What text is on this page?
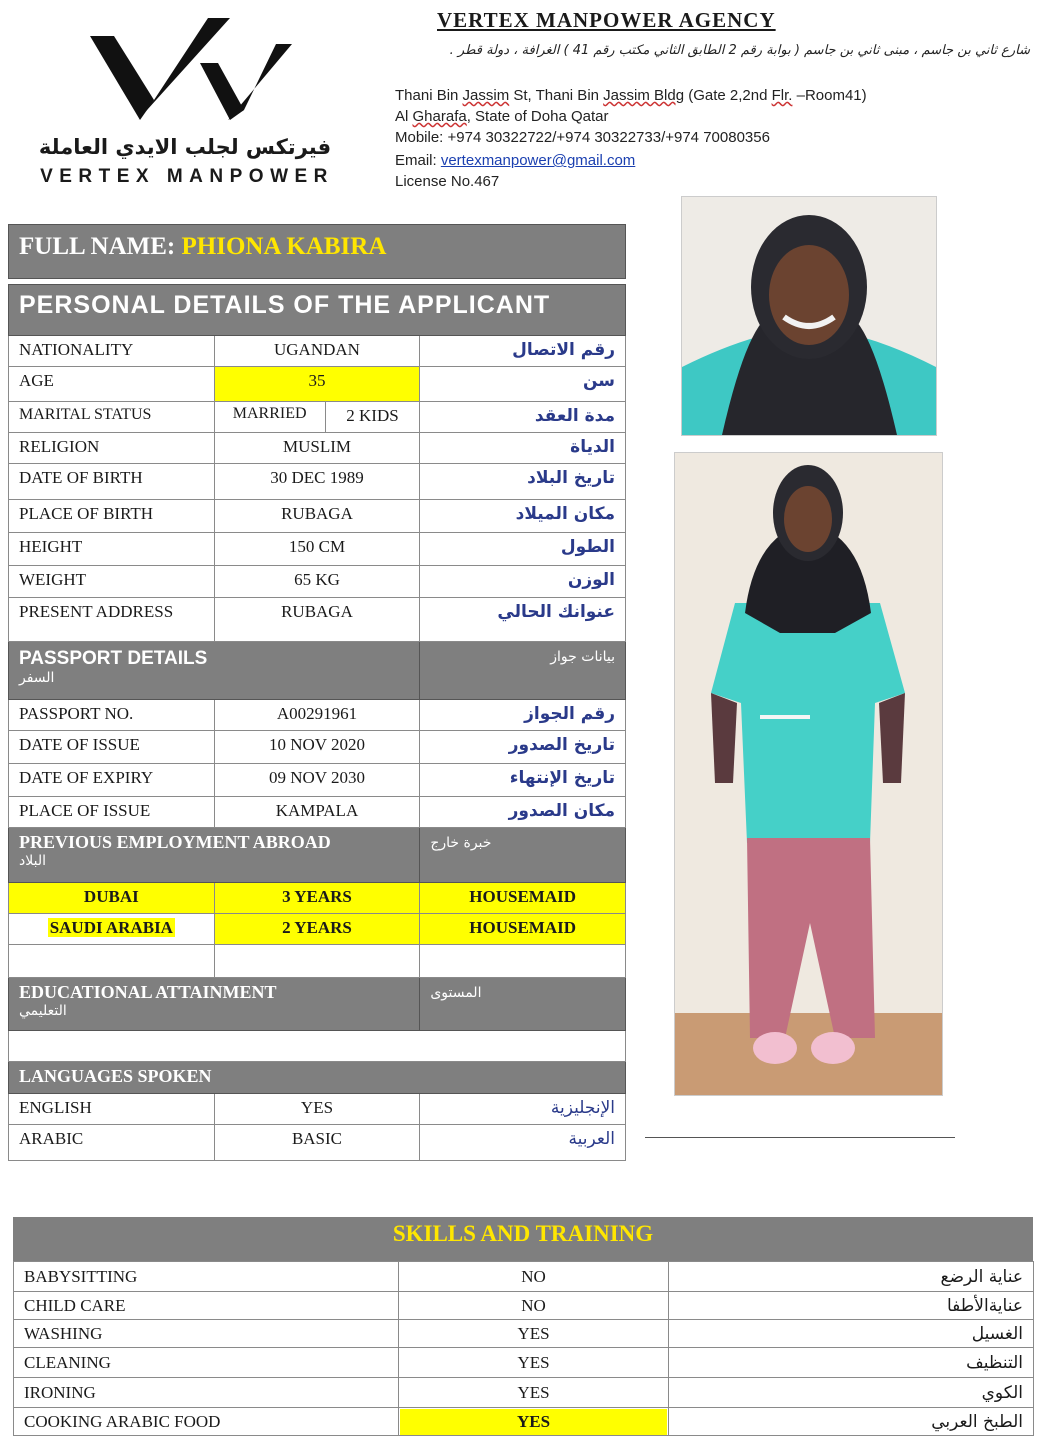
فيرتكس لجلب الايدي العاملة
VERTEX MANPOWER
VERTEX MANPOWER AGENCY
شارع ثاني بن جاسم ، مبنى ثاني بن جاسم ( بوابة رقم 2 الطابق الثاني مكتب رقم 41 ) الغرافة ، دولة قطر .
Thani Bin Jassim St, Thani Bin Jassim Bldg (Gate 2,2nd Flr. –Room41)
Al Gharafa, State of Doha Qatar
Mobile: +974 30322722/+974 30322733/+974 70080356
Email: vertexmanpower@gmail.com
License No.467
FULL NAME: PHIONA KABIRA
PERSONAL DETAILS OF THE APPLICANT		
NATIONALITY	UGANDAN	رقم الاتصال
AGE	35	سن
MARITAL STATUS	MARRIED 2 KIDS	مدة العقد
RELIGION	MUSLIM	الدياة
DATE OF BIRTH	30 DEC 1989	تاريخ البلاد
PLACE OF BIRTH	RUBAGA	مكان الميلاد
HEIGHT	150 CM	الطول
WEIGHT	65 KG	الوزن
PRESENT ADDRESS	RUBAGA	عنوانك الحالي

PASSPORT DETAILS
السفر		بيانات جواز
PASSPORT NO.	A00291961	رقم الجواز
DATE OF ISSUE	10 NOV 2020	تاريخ الصدور
DATE OF EXPIRY	09 NOV 2030	تاريخ الإنتهاء
PLACE OF ISSUE	KAMPALA	مكان الصدور

PREVIOUS EMPLOYMENT ABROAD
البلاد		خبرة خارج
DUBAI	3 YEARS	HOUSEMAID
SAUDI ARABIA	2 YEARS	HOUSEMAID

EDUCATIONAL ATTAINMENT
التعليمي		المستوى

LANGUAGES SPOKEN		
ENGLISH	YES	الإنجليزية
ARABIC	BASIC	العربية
SKILLS AND TRAINING
BABYSITTING	NO	عناية الرضع
CHILD CARE	NO	عنايةالأطفا
WASHING	YES	الغسيل
CLEANING	YES	التنظيف
IRONING	YES	الكوي
COOKING ARABIC FOOD	YES	الطبخ العربي
